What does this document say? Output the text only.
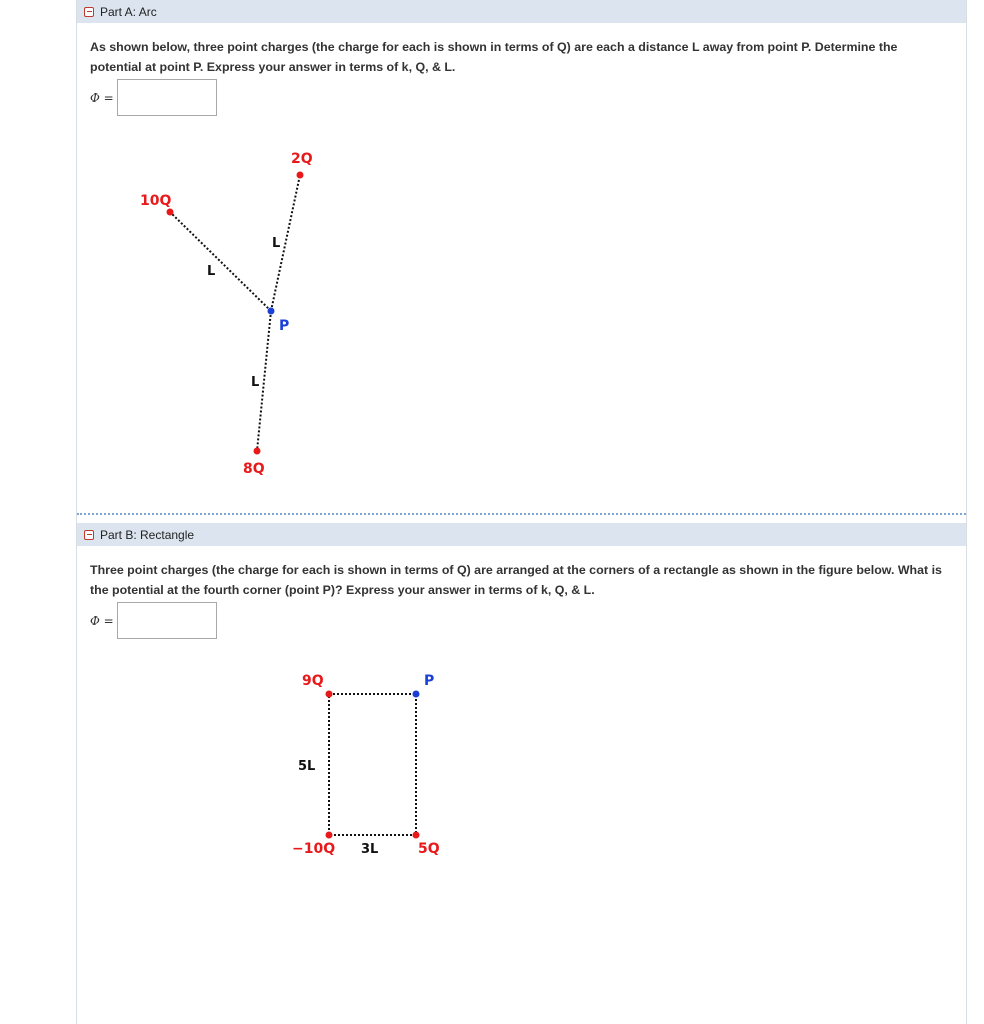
Part A: Arc
As shown below, three point charges (the charge for each is shown in terms of Q) are each a distance L away from point P. Determine the potential at point P. Express your answer in terms of k, Q, & L.
Φ =
Part B: Rectangle
Three point charges (the charge for each is shown in terms of Q) are arranged at the corners of a rectangle as shown in the figure below. What is the potential at the fourth corner (point P)? Express your answer in terms of k, Q, & L.
Φ =
2Q
10Q
8Q
P
L
L
L
9Q
−10Q	5Q
P
5L
3L
